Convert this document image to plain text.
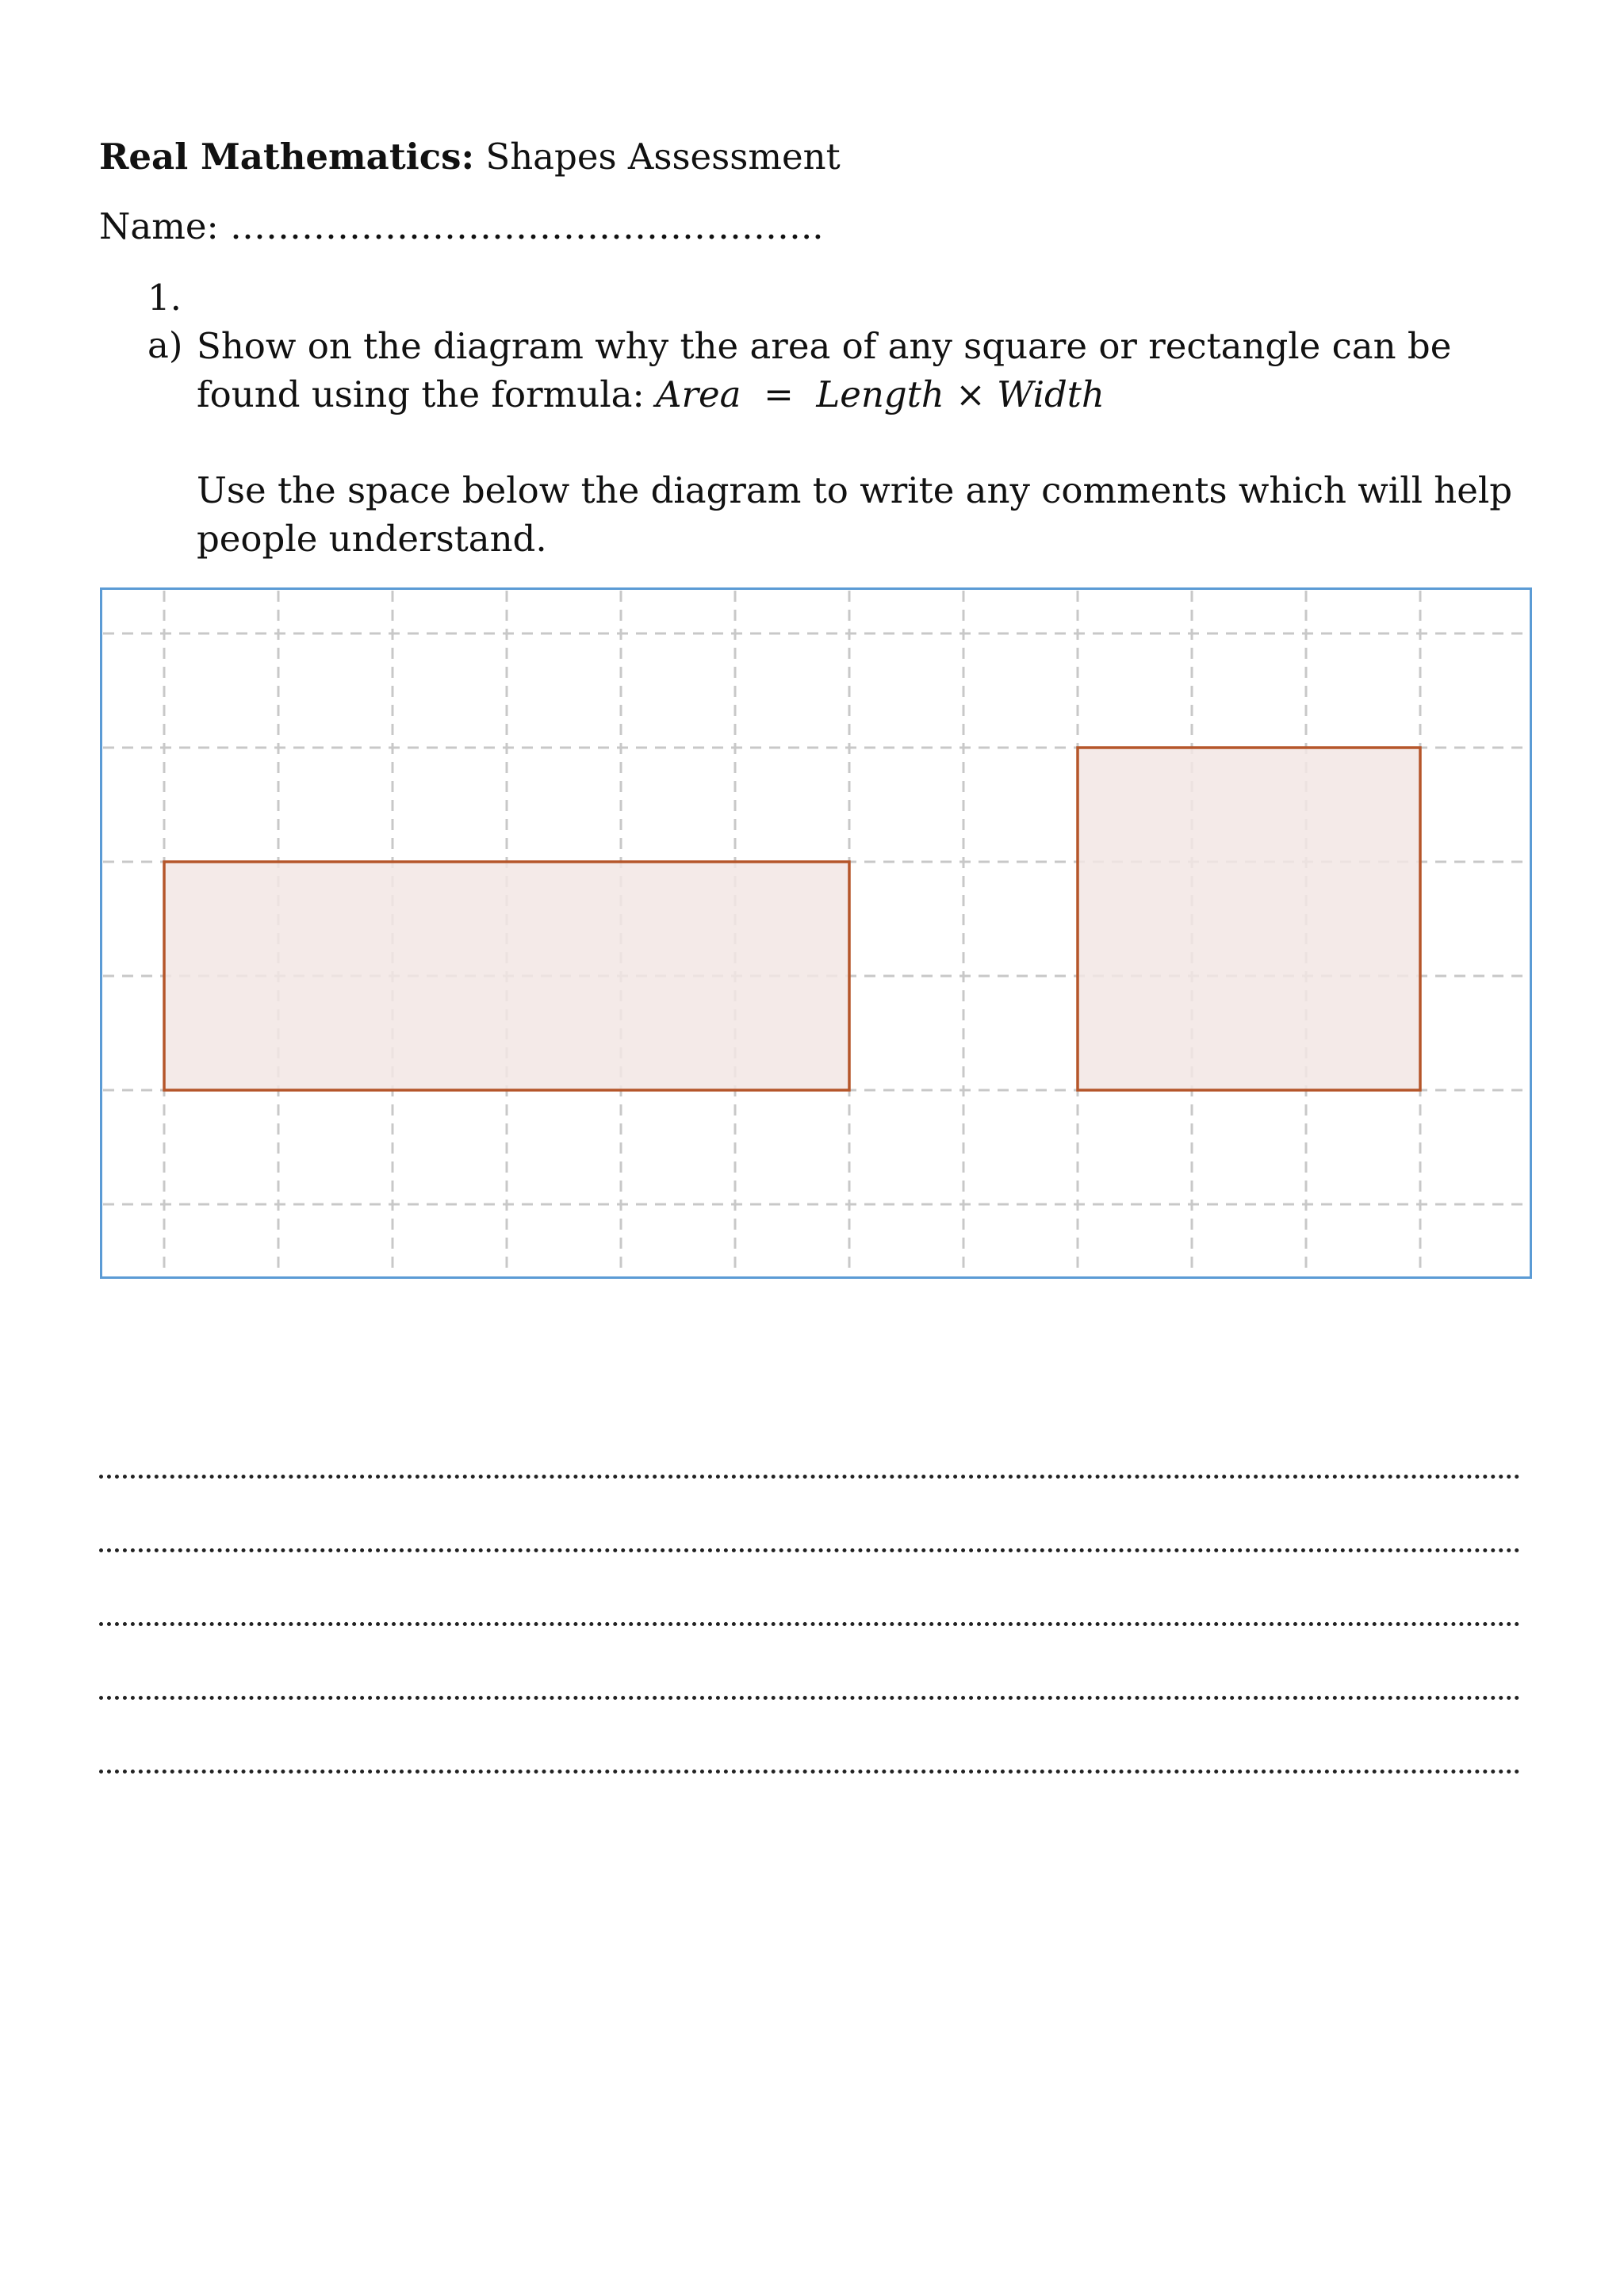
Real Mathematics: Shapes Assessment
Name: …………………………………………..
1.
a) Show on the diagram why the area of any square or rectangle can be found using the formula: Area = Length × Width
Use the space below the diagram to write any comments which will help people understand.
